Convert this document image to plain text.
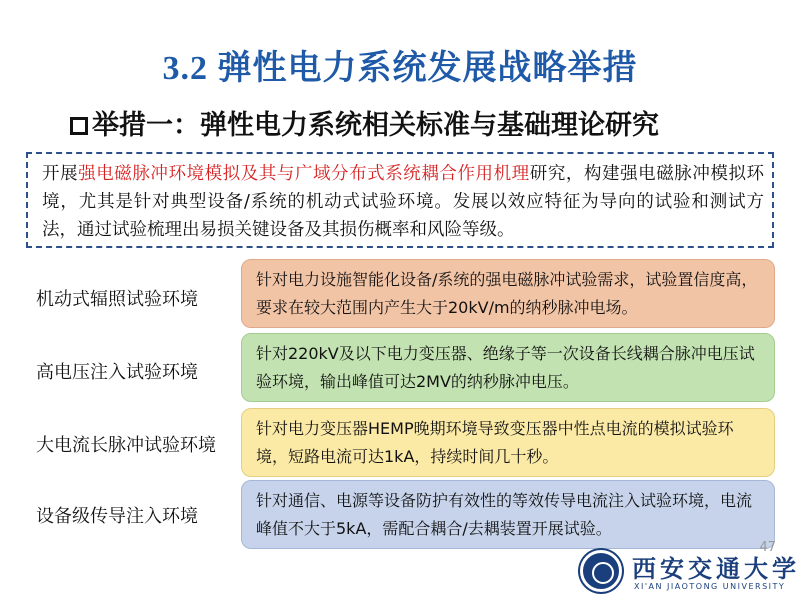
3.2 弹性电力系统发展战略举措
举措一：弹性电力系统相关标准与基础理论研究
开展强电磁脉冲环境模拟及其与广域分布式系统耦合作用机理研究，构建强电磁脉冲模拟环境，尤其是针对典型设备/系统的机动式试验环境。发展以效应特征为导向的试验和测试方法，通过试验梳理出易损关键设备及其损伤概率和风险等级。
机动式辐照试验环境
针对电力设施智能化设备/系统的强电磁脉冲试验需求，试验置信度高，要求在较大范围内产生大于20kV/m的纳秒脉冲电场。
高电压注入试验环境
针对220kV及以下电力变压器、绝缘子等一次设备长线耦合脉冲电压试验环境，输出峰值可达2MV的纳秒脉冲电压。
大电流长脉冲试验环境
针对电力变压器HEMP晚期环境导致变压器中性点电流的模拟试验环境，短路电流可达1kA，持续时间几十秒。
设备级传导注入环境
针对通信、电源等设备防护有效性的等效传导电流注入试验环境，电流峰值不大于5kA，需配合耦合/去耦装置开展试验。
47
西安交通大学
XI'AN JIAOTONG UNIVERSITY
